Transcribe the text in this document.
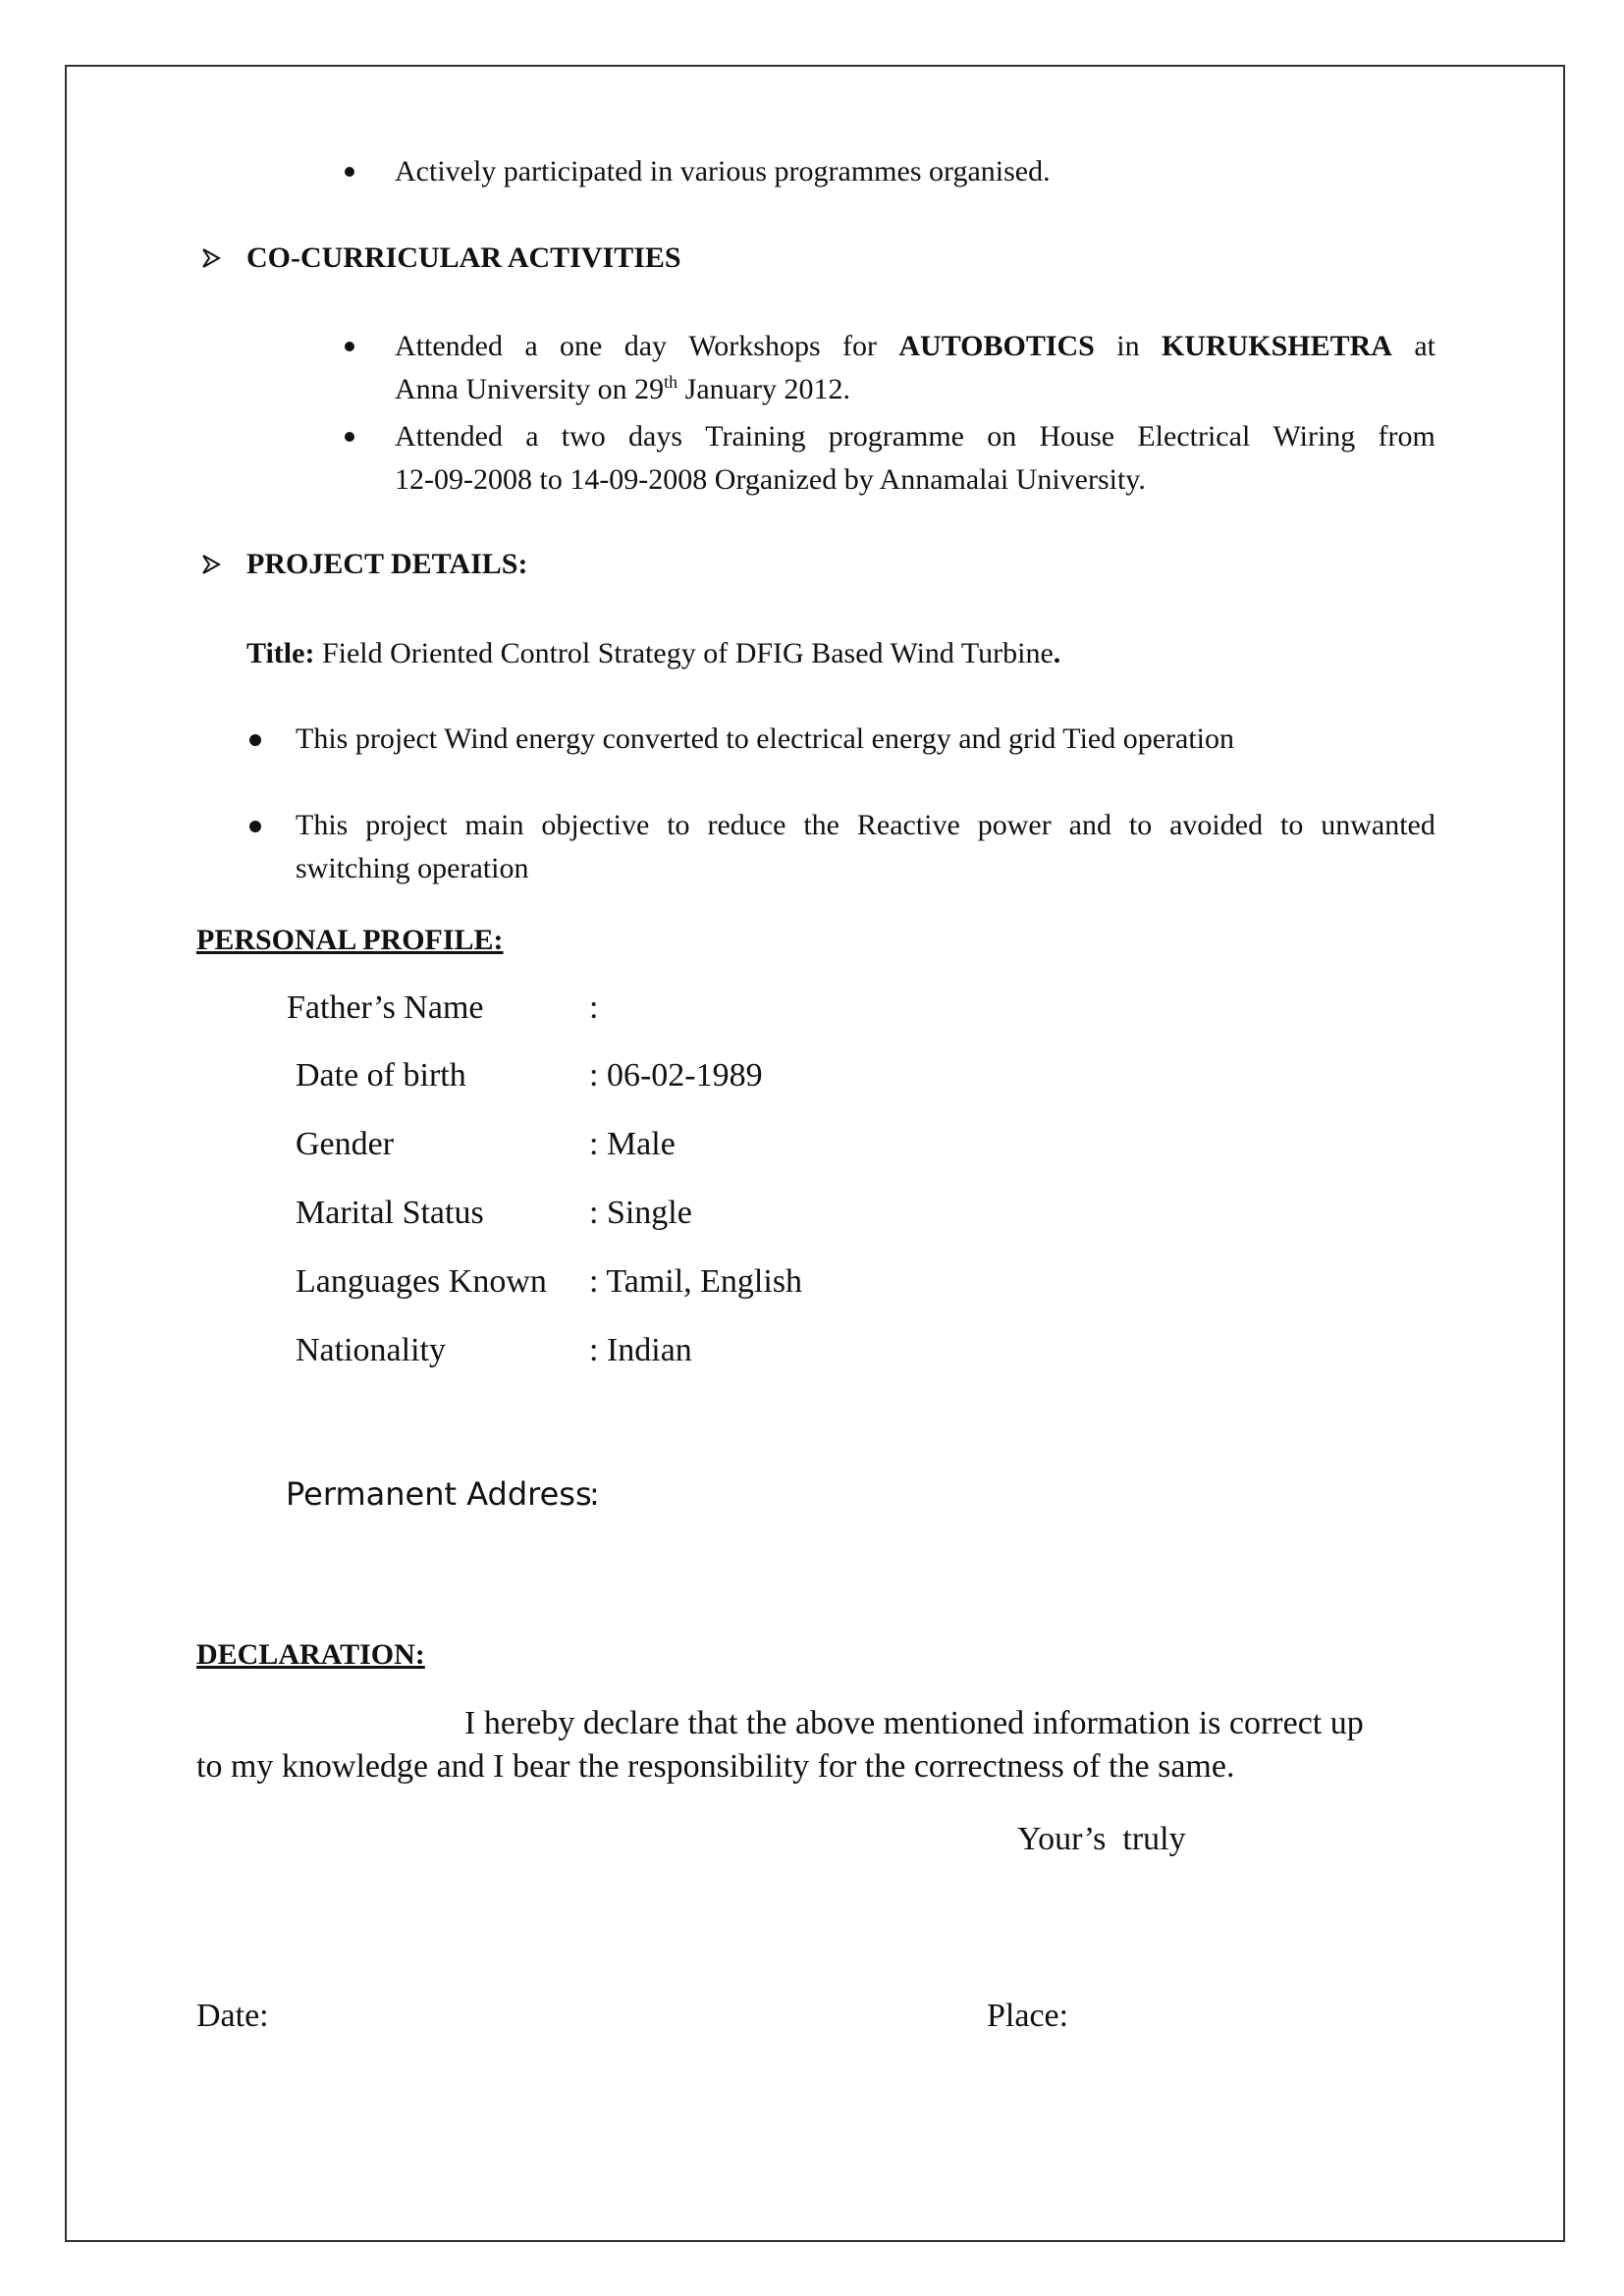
Actively participated in various programmes organised.
CO-CURRICULAR ACTIVITIES
Attended a one day Workshops for AUTOBOTICS in KURUKSHETRA at
Anna University on 29th January 2012.
Attended a two days Training programme on House Electrical Wiring from
12-09-2008 to 14-09-2008 Organized by Annamalai University.
PROJECT DETAILS:
Title: Field Oriented Control Strategy of DFIG Based Wind Turbine.
This project Wind energy converted to electrical energy and grid Tied operation
This project main objective to reduce the Reactive power and to avoided to unwanted
switching operation
PERSONAL PROFILE:
Father’s Name	:
Date of birth	: 06-02-1989
Gender	: Male
Marital Status	: Single
Languages Known : Tamil, English
Nationality	: Indian
Permanent Address
:
DECLARATION:
I hereby declare that the above mentioned information is correct up
to my knowledge and I bear the responsibility for the correctness of the same.
Your’s  truly
Date:	Place:
